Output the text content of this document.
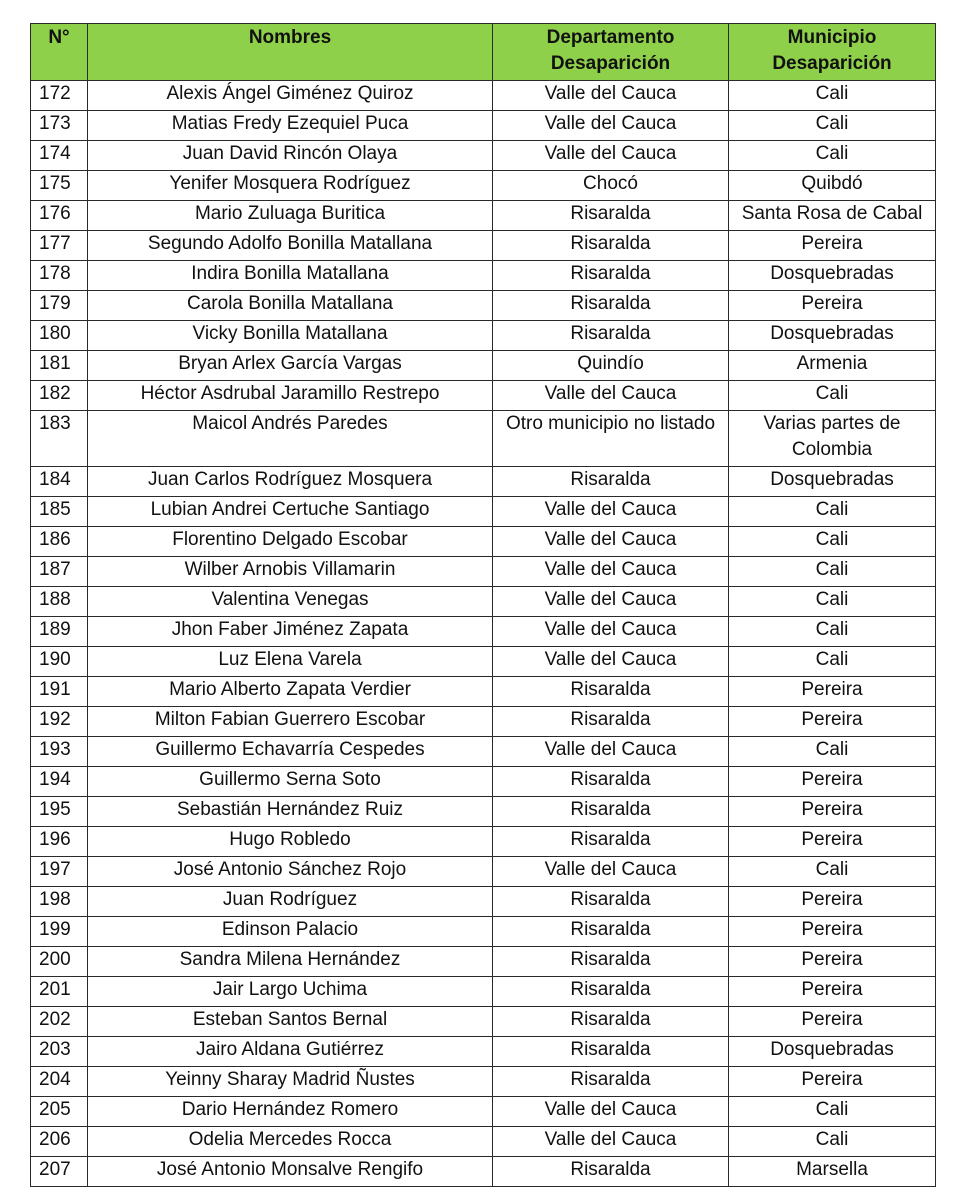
N°	Nombres	Departamento Desaparición	Municipio Desaparición
172	Alexis Ángel Giménez Quiroz	Valle del Cauca	Cali
173	Matias Fredy Ezequiel Puca	Valle del Cauca	Cali
174	Juan David Rincón Olaya	Valle del Cauca	Cali
175	Yenifer Mosquera Rodríguez	Chocó	Quibdó
176	Mario Zuluaga Buritica	Risaralda	Santa Rosa de Cabal
177	Segundo Adolfo Bonilla Matallana	Risaralda	Pereira
178	Indira Bonilla Matallana	Risaralda	Dosquebradas
179	Carola Bonilla Matallana	Risaralda	Pereira
180	Vicky Bonilla Matallana	Risaralda	Dosquebradas
181	Bryan Arlex García Vargas	Quindío	Armenia
182	Héctor Asdrubal Jaramillo Restrepo	Valle del Cauca	Cali
183	Maicol Andrés Paredes	Otro municipio no listado	Varias partes de Colombia
184	Juan Carlos Rodríguez Mosquera	Risaralda	Dosquebradas
185	Lubian Andrei Certuche Santiago	Valle del Cauca	Cali
186	Florentino Delgado Escobar	Valle del Cauca	Cali
187	Wilber Arnobis Villamarin	Valle del Cauca	Cali
188	Valentina Venegas	Valle del Cauca	Cali
189	Jhon Faber Jiménez Zapata	Valle del Cauca	Cali
190	Luz Elena Varela	Valle del Cauca	Cali
191	Mario Alberto Zapata Verdier	Risaralda	Pereira
192	Milton Fabian Guerrero Escobar	Risaralda	Pereira
193	Guillermo Echavarría Cespedes	Valle del Cauca	Cali
194	Guillermo Serna Soto	Risaralda	Pereira
195	Sebastián Hernández Ruiz	Risaralda	Pereira
196	Hugo Robledo	Risaralda	Pereira
197	José Antonio Sánchez Rojo	Valle del Cauca	Cali
198	Juan Rodríguez	Risaralda	Pereira
199	Edinson Palacio	Risaralda	Pereira
200	Sandra Milena Hernández	Risaralda	Pereira
201	Jair Largo Uchima	Risaralda	Pereira
202	Esteban Santos Bernal	Risaralda	Pereira
203	Jairo Aldana Gutiérrez	Risaralda	Dosquebradas
204	Yeinny Sharay Madrid Ñustes	Risaralda	Pereira
205	Dario Hernández Romero	Valle del Cauca	Cali
206	Odelia Mercedes Rocca	Valle del Cauca	Cali
207	José Antonio Monsalve Rengifo	Risaralda	Marsella
